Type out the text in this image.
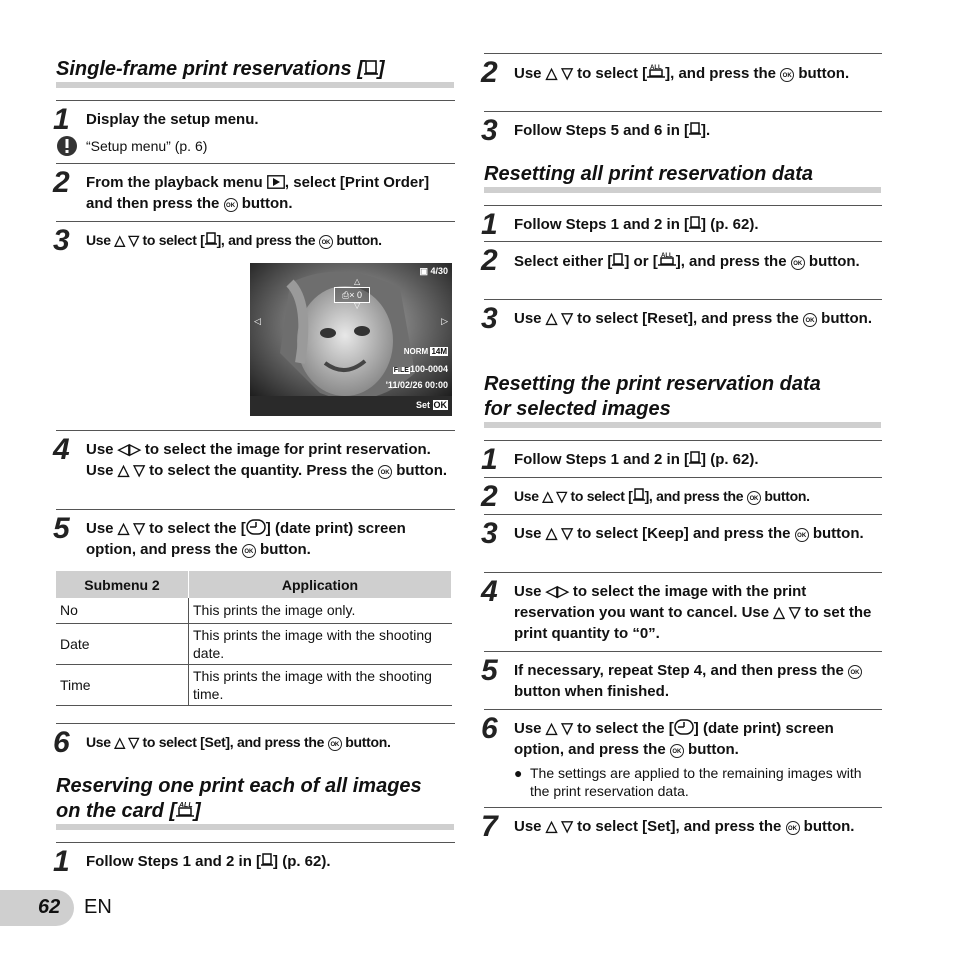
Single-frame print reservations [ ]
1 Display the setup menu.
“Setup menu” (p. 6)
2 From the playback menu , select [Print Order] and then press the OK button.
3 Use △ ▽ to select [ ], and press the OK button.
▣ 4/30
⎙× 0
△
▽
◁	▷
NORM 14M
FILE100-0004
'11/02/26 00:00
Set OK
4 Use ◁▷ to select the image for print reservation. Use △ ▽ to select the quantity. Press the OK button.
5 Use △ ▽ to select the [ ] (date print) screen option, and press the OK button.
Submenu 2	Application
No	This prints the image only.
Date	This prints the image with the shooting date.
Time	This prints the image with the shooting time.
6 Use △ ▽ to select [Set], and press the OK button.
Reserving one print each of all images
on the card [ ALL ]
1 Follow Steps 1 and 2 in [ ] (p. 62).
2 Use △ ▽ to select [ ALL ], and press the OK button.
3 Follow Steps 5 and 6 in [ ].
Resetting all print reservation data
1 Follow Steps 1 and 2 in [ ] (p. 62).
2 Select either [ ] or [ ALL ], and press the OK button.
3 Use △ ▽ to select [Reset], and press the OK button.
Resetting the print reservation data
for selected images
1 Follow Steps 1 and 2 in [ ] (p. 62).
2 Use △ ▽ to select [ ], and press the OK button.
3 Use △ ▽ to select [Keep] and press the OK button.
4 Use ◁▷ to select the image with the print reservation you want to cancel. Use △ ▽ to set the print quantity to “0”.
5 If necessary, repeat Step 4, and then press the OK button when finished.
6 Use △ ▽ to select the [ ] (date print) screen option, and press the OK button.
● The settings are applied to the remaining images with the print reservation data.
7 Use △ ▽ to select [Set], and press the OK button.
62 EN
